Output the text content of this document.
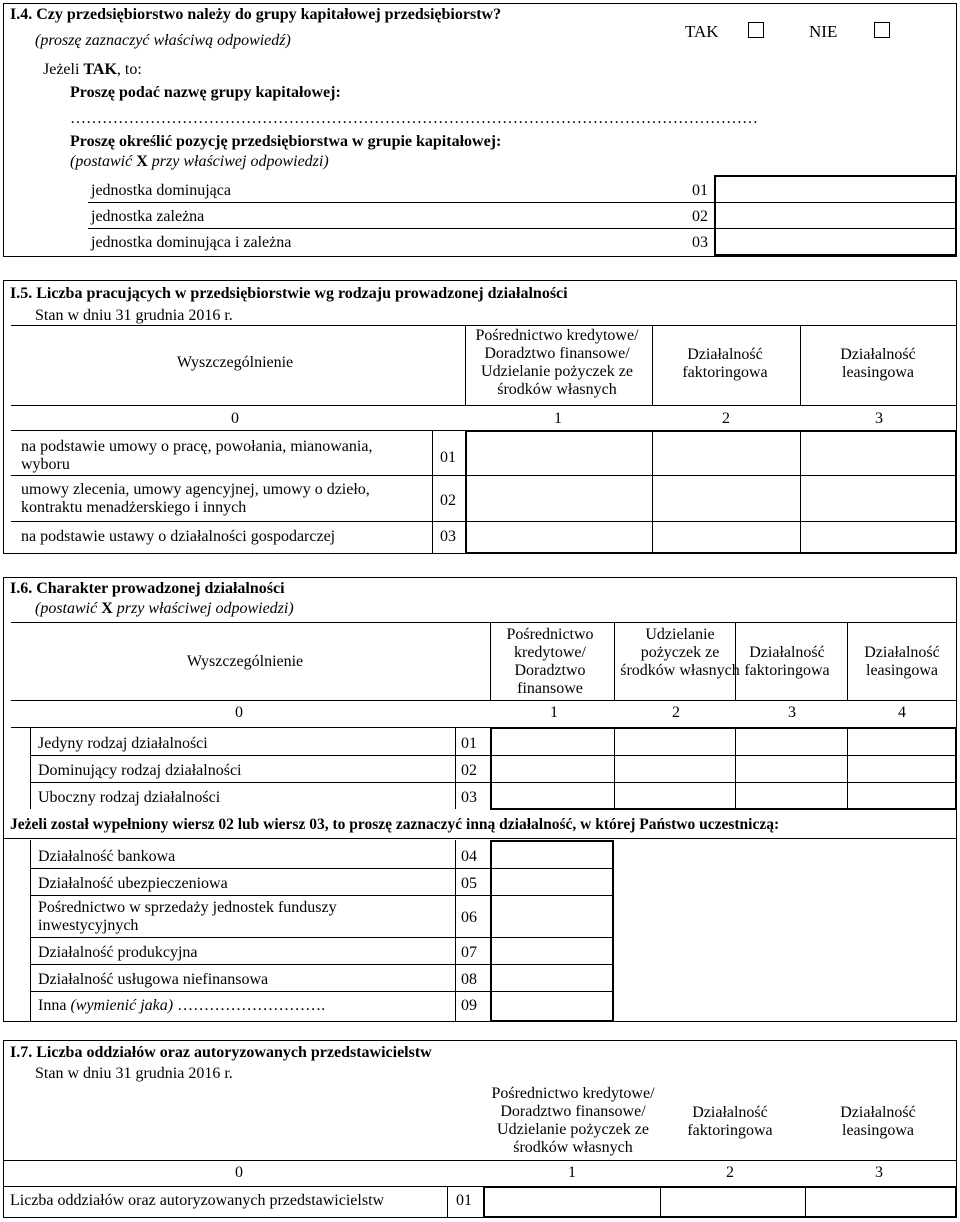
I.4. Czy przedsiębiorstwo należy do grupy kapitałowej przedsiębiorstw?
(proszę zaznaczyć właściwą odpowiedź)	TAK	NIE
Jeżeli TAK, to:
Proszę podać nazwę grupy kapitałowej:
…………………………………………………………………………………………………………………
Proszę określić pozycję przedsiębiorstwa w grupie kapitałowej:
(postawić X przy właściwej odpowiedzi)
jednostka dominująca	01
jednostka zależna	02
jednostka dominująca i zależna	03
I.5. Liczba pracujących w przedsiębiorstwie wg rodzaju prowadzonej działalności
Stan w dniu 31 grudnia 2016 r.
Wyszczególnienie
Pośrednictwo kredytowe/ Doradztwo finansowe/ Udzielanie pożyczek ze środków własnych
Działalność faktoringowa
Działalność leasingowa
0	1	2	3
na podstawie umowy o pracę, powołania, mianowania, wyboru	01
umowy zlecenia, umowy agencyjnej, umowy o dzieło, kontraktu menadżerskiego i innych	02
na podstawie ustawy o działalności gospodarczej	03
I.6. Charakter prowadzonej działalności
(postawić X przy właściwej odpowiedzi)
Wyszczególnienie
Pośrednictwo kredytowe/ Doradztwo finansowe
Udzielanie pożyczek ze środków własnych
Działalność faktoringowa
Działalność leasingowa
0	1	2	3	4
Jedyny rodzaj działalności	01
Dominujący rodzaj działalności	02
Uboczny rodzaj działalności	03
Jeżeli został wypełniony wiersz 02 lub wiersz 03, to proszę zaznaczyć inną działalność, w której Państwo uczestniczą:
Działalność bankowa	04
Działalność ubezpieczeniowa	05
Pośrednictwo w sprzedaży jednostek funduszy inwestycyjnych	06
Działalność produkcyjna	07
Działalność usługowa niefinansowa	08
Inna (wymienić jaka) ……………………….	09
I.7. Liczba oddziałów oraz autoryzowanych przedstawicielstw
Stan w dniu 31 grudnia 2016 r.
Pośrednictwo kredytowe/ Doradztwo finansowe/ Udzielanie pożyczek ze środków własnych
Działalność faktoringowa
Działalność leasingowa
0	1	2	3
Liczba oddziałów oraz autoryzowanych przedstawicielstw	01
